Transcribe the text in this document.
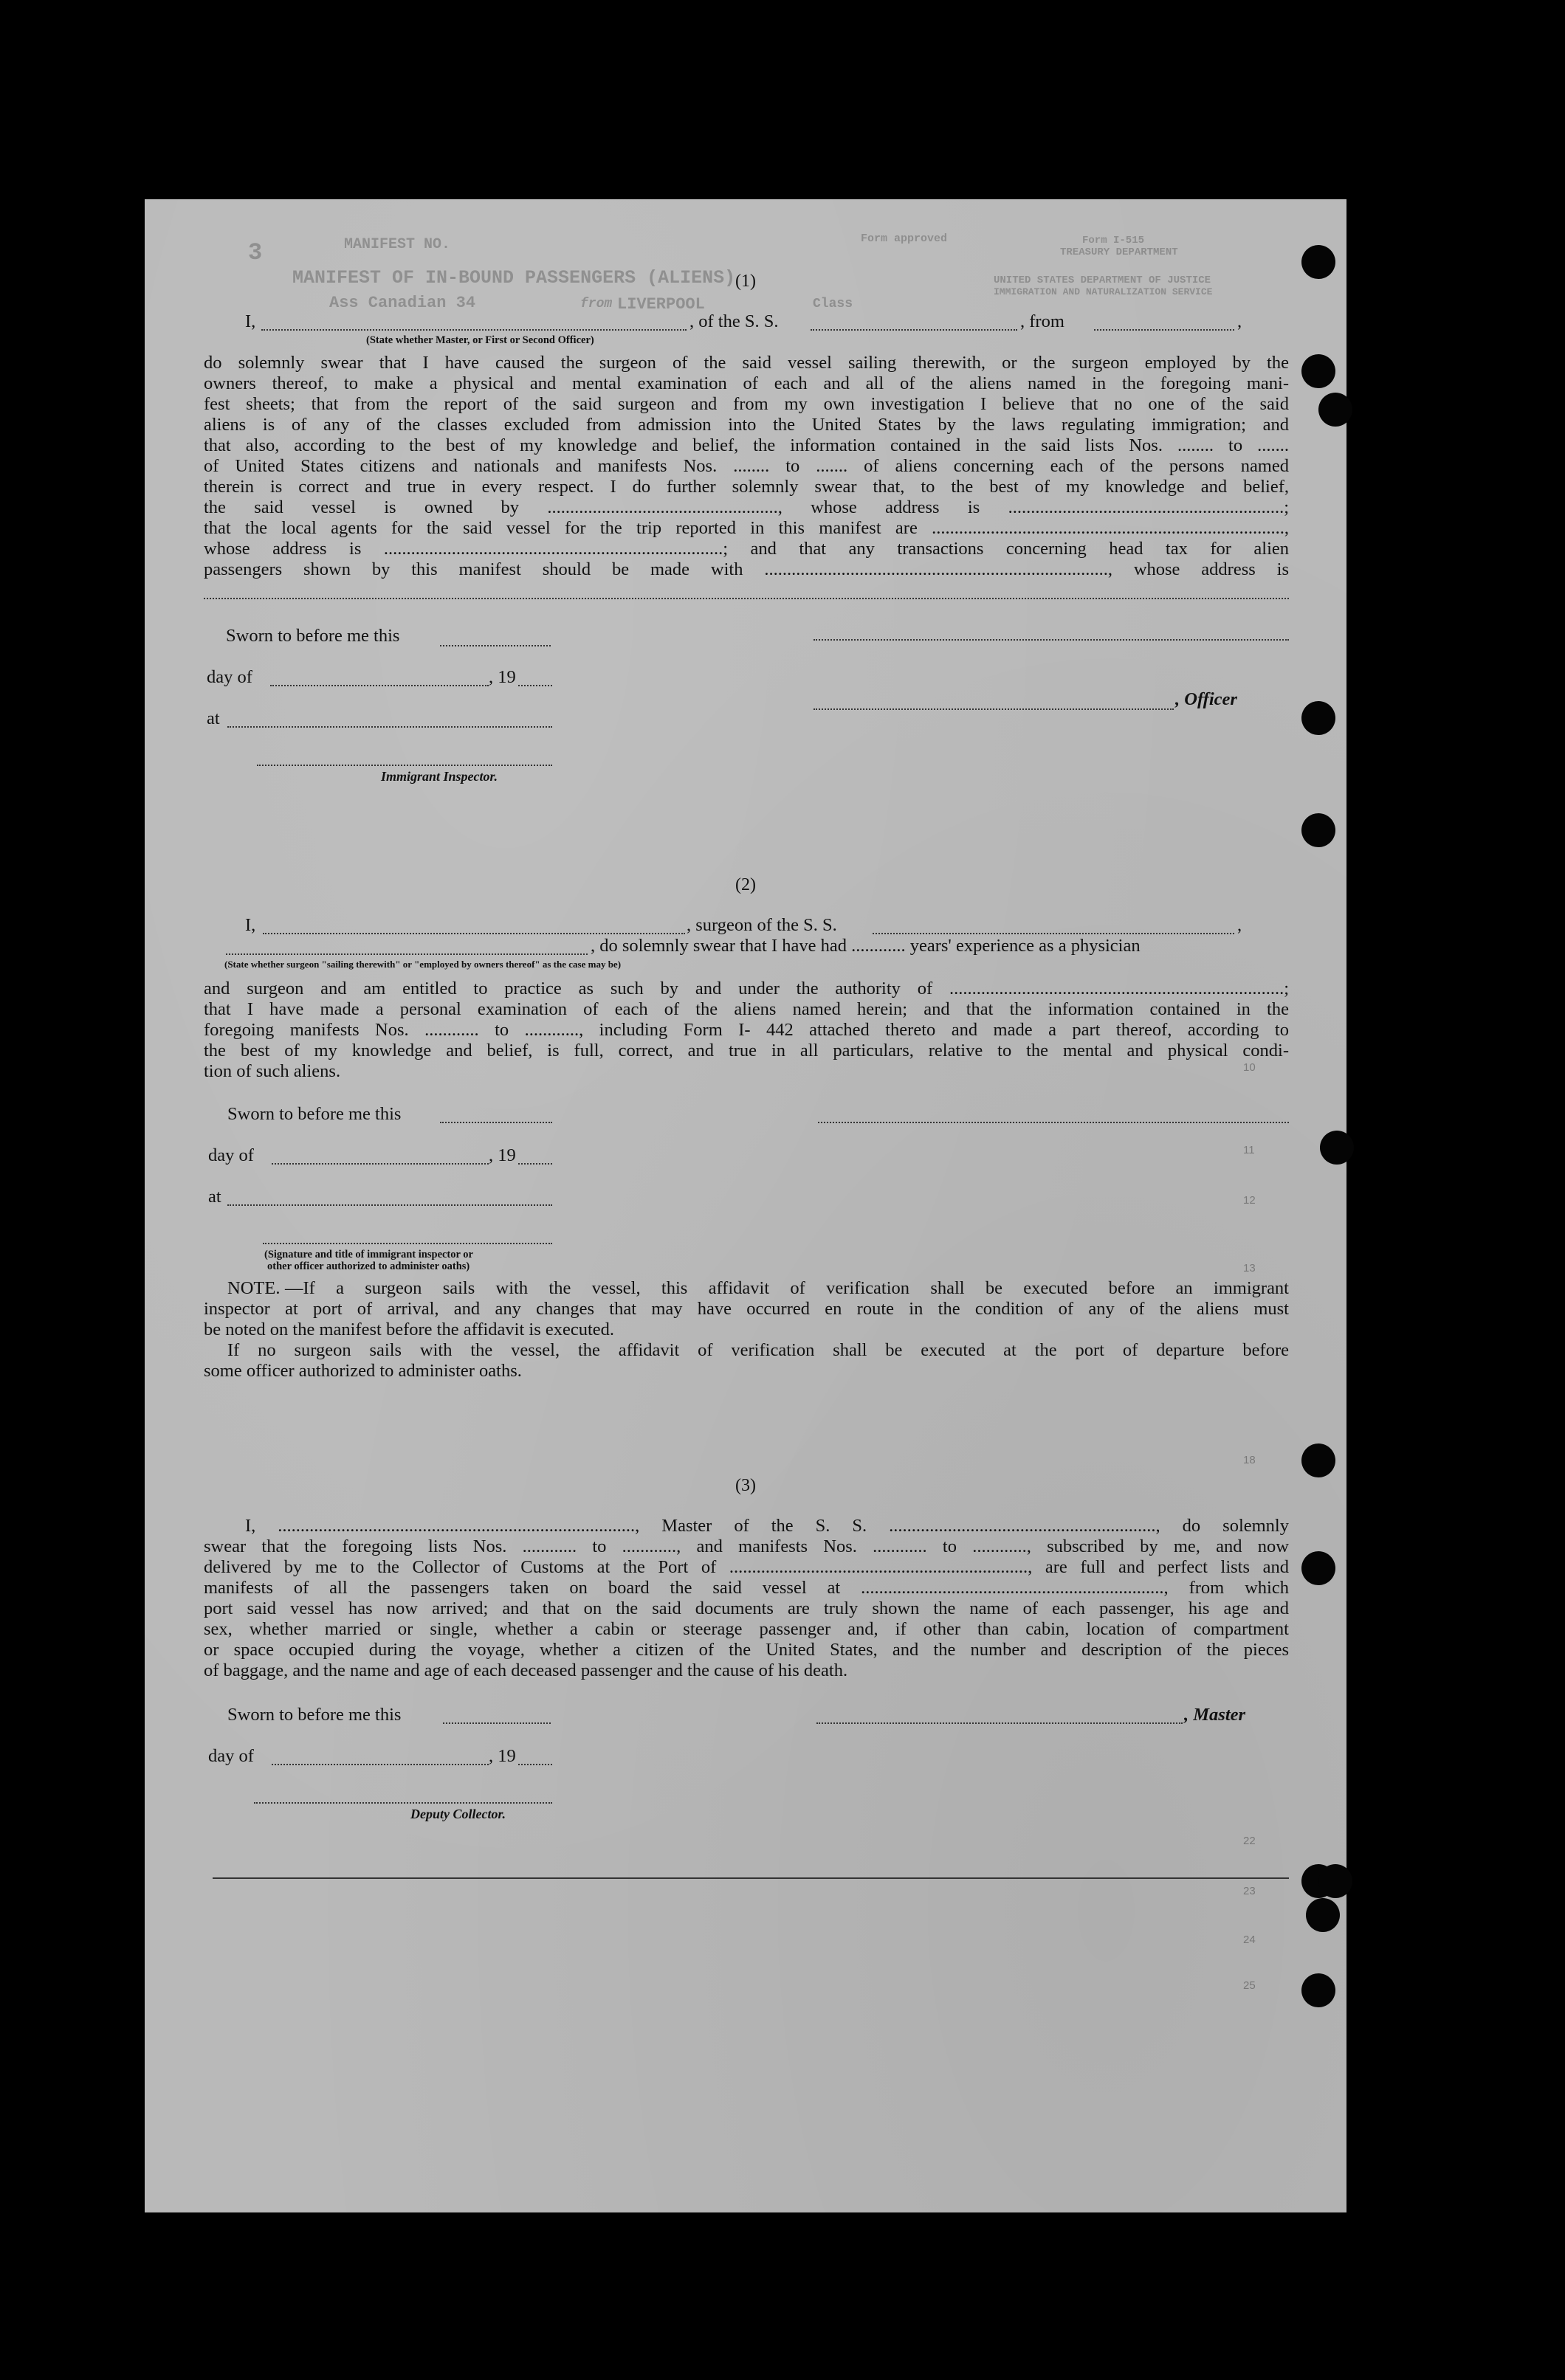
MANIFEST OF IN-BOUND PASSENGERS (ALIENS)
MANIFEST NO.
3
Form approved
UNITED STATES DEPARTMENT OF JUSTICE
IMMIGRATION AND NATURALIZATION SERVICE
TREASURY DEPARTMENT
Form I-515
from LIVERPOOL	Class
Ass Canadian 34
(1)
I,	, of the S. S.	, from	,
(State whether Master, or First or Second Officer)
do solemnly swear that I have caused the surgeon of the said vessel sailing therewith, or the surgeon employed by the
owners thereof, to make a physical and mental examination of each and all of the aliens named in the foregoing mani-
fest sheets; that from the report of the said surgeon and from my own investigation I believe that no one of the said
aliens is of any of the classes excluded from admission into the United States by the laws regulating immigration; and
that also, according to the best of my knowledge and belief, the information contained in the said lists Nos. ........ to .......
of United States citizens and nationals and manifests Nos. ........ to ....... of aliens concerning each of the persons named
therein is correct and true in every respect. I do further solemnly swear that, to the best of my knowledge and belief,
the said vessel is owned by ..................................................., whose address is .............................................................;
that the local agents for the said vessel for the trip reported in this manifest are ..............................................................................,
whose address is ...........................................................................; and that any transactions concerning head tax for alien
passengers shown by this manifest should be made with ............................................................................, whose address is
Sworn to before me this
day of	, 19
at
, Officer
Immigrant Inspector.
(2)
I,	, surgeon of the S. S.	,
, do solemnly swear that I have had ............ years' experience as a physician
(State whether surgeon "sailing therewith" or "employed by owners thereof" as the case may be)
and surgeon and am entitled to practice as such by and under the authority of ..........................................................................;
that I have made a personal examination of each of the aliens named herein; and that the information contained in the
foregoing manifests Nos. ............ to ............, including Form I- 442 attached thereto and made a part thereof, according to
the best of my knowledge and belief, is full, correct, and true in all particulars, relative to the mental and physical condi-
tion of such aliens.
Sworn to before me this
day of	, 19
at
(Signature and title of immigrant inspector or
other officer authorized to administer oaths)
NOTE. —If a surgeon sails with the vessel, this affidavit of verification shall be executed before an immigrant
inspector at port of arrival, and any changes that may have occurred en route in the condition of any of the aliens must
be noted on the manifest before the affidavit is executed.
If no surgeon sails with the vessel, the affidavit of verification shall be executed at the port of departure before
some officer authorized to administer oaths.
(3)
I, ..............................................................................., Master of the S. S. ..........................................................., do solemnly
swear that the foregoing lists Nos. ............ to ............, and manifests Nos. ............ to ............, subscribed by me, and now
delivered by me to the Collector of Customs at the Port of .................................................................., are full and perfect lists and
manifests of all the passengers taken on board the said vessel at ..................................................................., from which
port said vessel has now arrived; and that on the said documents are truly shown the name of each passenger, his age and
sex, whether married or single, whether a cabin or steerage passenger and, if other than cabin, location of compartment
or space occupied during the voyage, whether a citizen of the United States, and the number and description of the pieces
of baggage, and the name and age of each deceased passenger and the cause of his death.
Sworn to before me this	, Master
day of	, 19
Deputy Collector.
10
11
12
13
18
22
23
24
25
